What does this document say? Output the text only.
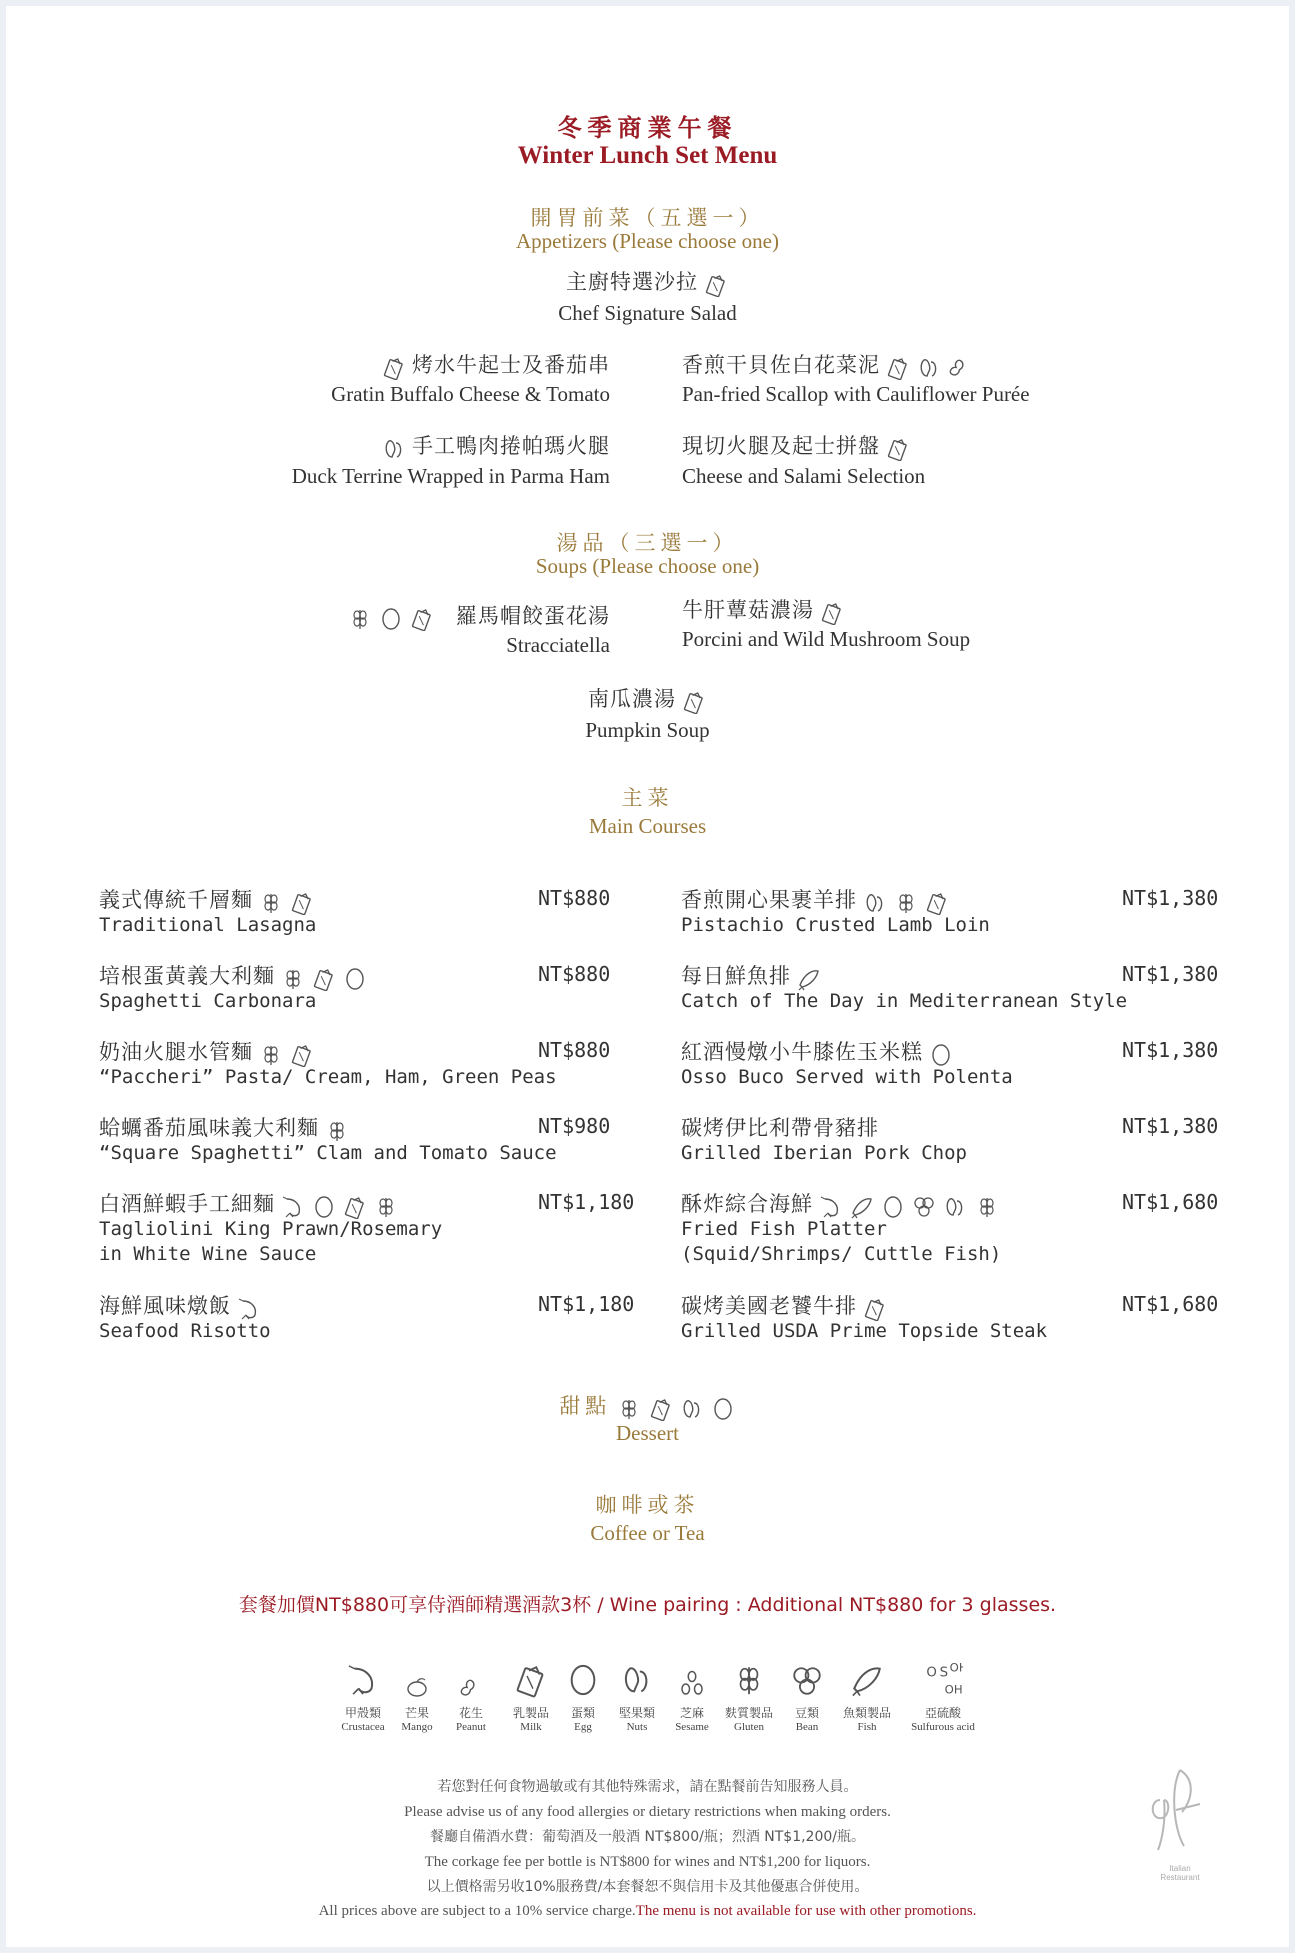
冬季商業午餐
Winter Lunch Set Menu
開胃前菜（五選一）
Appetizers (Please choose one)
主廚特選沙拉
Chef Signature Salad
烤水牛起士及番茄串
Gratin Buffalo Cheese & Tomato
香煎干貝佐白花菜泥
Pan-fried Scallop with Cauliflower Purée
手工鴨肉捲帕瑪火腿
Duck Terrine Wrapped in Parma Ham
現切火腿及起士拼盤
Cheese and Salami Selection
湯品（三選一）
Soups (Please choose one)
羅馬帽餃蛋花湯
Stracciatella
牛肝蕈菇濃湯
Porcini and Wild Mushroom Soup
南瓜濃湯
Pumpkin Soup
主菜
Main Courses
義式傳統千層麵
Traditional Lasagna
NT$880
培根蛋黃義大利麵
Spaghetti Carbonara
NT$880
奶油火腿水管麵
“Paccheri” Pasta/ Cream, Ham, Green Peas
NT$880
蛤蠣番茄風味義大利麵
“Square Spaghetti” Clam and Tomato Sauce
NT$980
白酒鮮蝦手工細麵
Tagliolini King Prawn/Rosemary
in White Wine Sauce
NT$1,180
海鮮風味燉飯
Seafood Risotto
NT$1,180
香煎開心果裹羊排
Pistachio Crusted Lamb Loin
NT$1,380
每日鮮魚排
Catch of The Day in Mediterranean Style
NT$1,380
紅酒慢燉小牛膝佐玉米糕
Osso Buco Served with Polenta
NT$1,380
碳烤伊比利帶骨豬排
Grilled Iberian Pork Chop
NT$1,380
酥炸綜合海鮮
Fried Fish Platter
(Squid/Shrimps/ Cuttle Fish)
NT$1,680
碳烤美國老饕牛排
Grilled USDA Prime Topside Steak
NT$1,680
甜點
Dessert
咖啡或茶
Coffee or Tea
套餐加價NT$880可享侍酒師精選酒款3杯 / Wine pairing : Additional NT$880 for 3 glasses.
甲殼類
Crustacea
芒果
Mango
花生
Peanut
乳製品
Milk
蛋類
Egg
堅果類
Nuts
芝麻
Sesame
麩質製品
Gluten
豆類
Bean
魚類製品
Fish
亞硫酸
Sulfurous acid
若您對任何食物過敏或有其他特殊需求，請在點餐前告知服務人員。
Please advise us of any food allergies or dietary restrictions when making orders.
餐廳自備酒水費：葡萄酒及一般酒 NT$800/瓶；烈酒 NT$1,200/瓶。
The corkage fee per bottle is NT$800 for wines and NT$1,200 for liquors.
以上價格需另收10%服務費/本套餐恕不與信用卡及其他優惠合併使用。
All prices above are subject to a 10% service charge.The menu is not available for use with other promotions.
Italian
Restaurant
